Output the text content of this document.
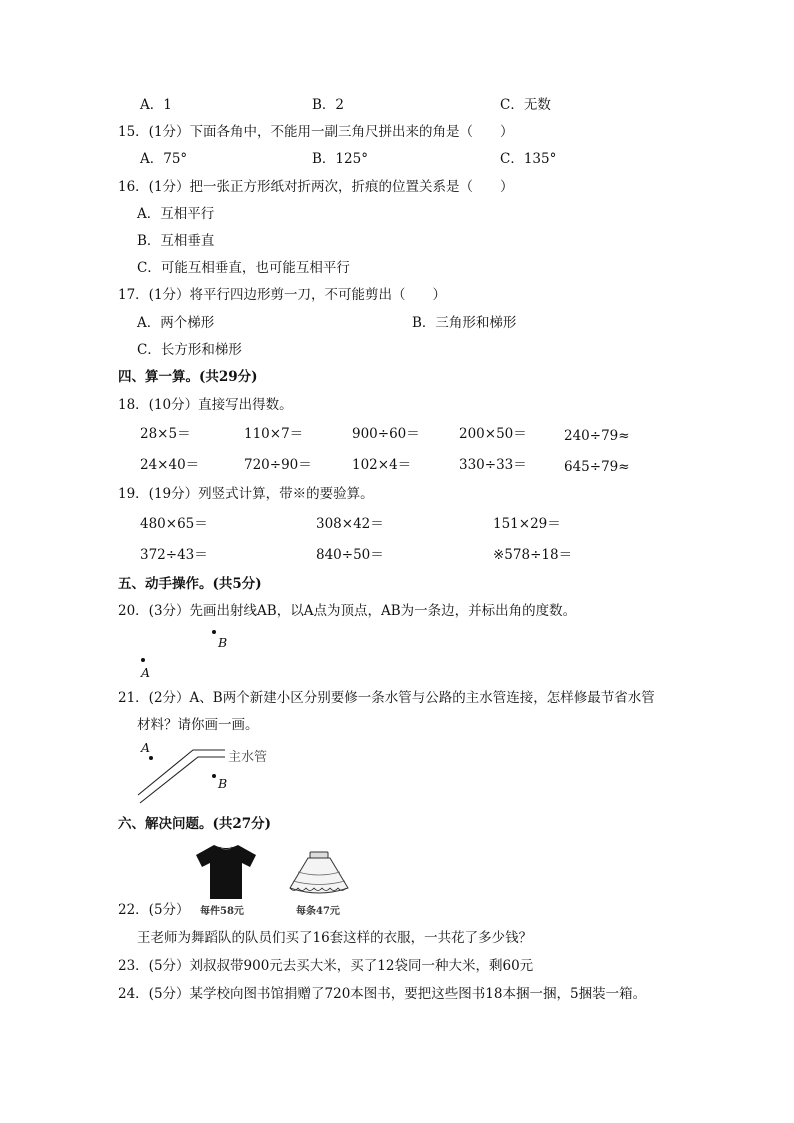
A．1	B．2	C．无数
15．(1分）下面各角中，不能用一副三角尺拼出来的角是（　　）
A．75°	B．125°	C．135°
16．(1分）把一张正方形纸对折两次，折痕的位置关系是（　　）
A．互相平行
B．互相垂直
C．可能互相垂直，也可能互相平行
17．(1分）将平行四边形剪一刀，不可能剪出（　　）
A．两个梯形	B．三角形和梯形
C．长方形和梯形
四、算一算。(共29分)
18．(10分）直接写出得数。
28×5＝	110×7＝	900÷60＝	200×50＝	240÷79≈
24×40＝	720÷90＝	102×4＝	330÷33＝	645÷79≈
19．(19分）列竖式计算，带※的要验算。
480×65＝	308×42＝	151×29＝
372÷43＝	840÷50＝	※578÷18＝
五、动手操作。(共5分)
20．(3分）先画出射线AB，以A点为顶点，AB为一条边，并标出角的度数。
B
A
21．(2分）A、B两个新建小区分别要修一条水管与公路的主水管连接，怎样修最节省水管
材料？请你画一画。
A
B
主水管
六、解决问题。(共27分)
每件58元	每条47元
22．(5分）
王老师为舞蹈队的队员们买了16套这样的衣服，一共花了多少钱？
23．(5分）刘叔叔带900元去买大米，买了12袋同一种大米，剩60元
24．(5分）某学校向图书馆捐赠了720本图书，要把这些图书18本捆一捆，5捆装一箱。
